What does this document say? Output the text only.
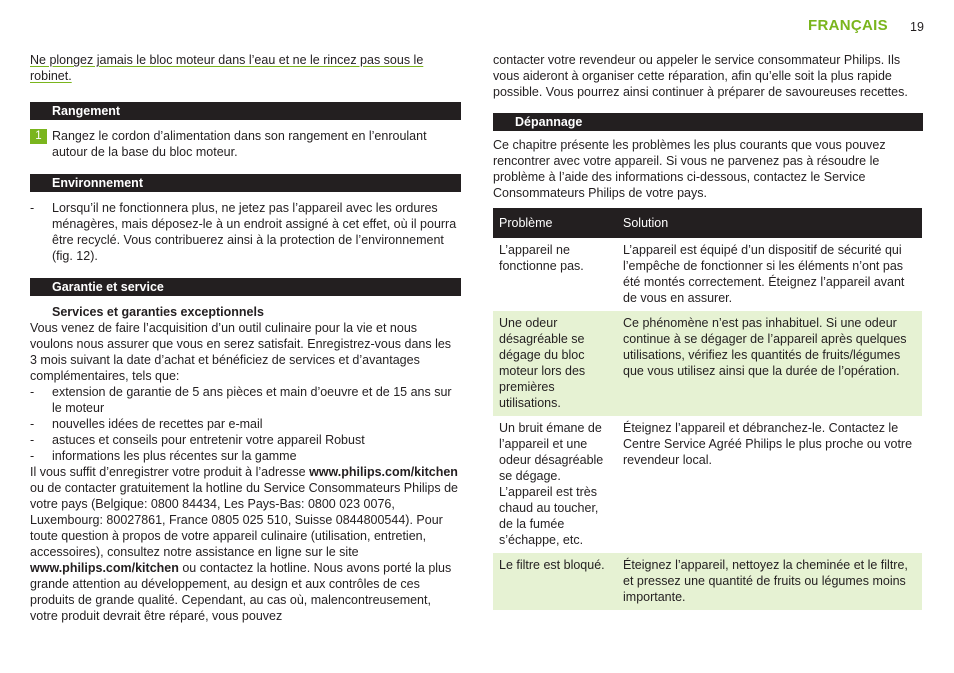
FRANÇAIS 19

Ne plongez jamais le bloc moteur dans l’eau et ne le rincez pas sous le robinet.

Rangement
1 Rangez le cordon d’alimentation dans son rangement en l’enroulant autour de la base du bloc moteur.
Environnement
- Lorsqu’il ne fonctionnera plus, ne jetez pas l’appareil avec les ordures ménagères, mais déposez-le à un endroit assigné à cet effet, où il pourra être recyclé. Vous contribuerez ainsi à la protection de l’environnement (fig. 12).
Garantie et service
Services et garanties exceptionnels

Vous venez de faire l’acquisition d’un outil culinaire pour la vie et nous voulons nous assurer que vous en serez satisfait. Enregistrez-vous dans les 3 mois suivant la date d’achat et bénéficiez de services et d’avantages complémentaires, tels que:

- extension de garantie de 5 ans pièces et main d’oeuvre et de 15 ans sur le moteur
- nouvelles idées de recettes par e-mail
- astuces et conseils pour entretenir votre appareil Robust
- informations les plus récentes sur la gamme

Il vous suffit d’enregistrer votre produit à l’adresse www.philips.com/kitchen ou de contacter gratuitement la hotline du Service Consommateurs Philips de votre pays (Belgique: 0800 84434, Les Pays-Bas: 0800 023 0076, Luxembourg: 80027861, France 0805 025 510, Suisse 0844800544). Pour toute question à propos de votre appareil culinaire (utilisation, entretien, accessoires), consultez notre assistance en ligne sur le site www.philips.com/kitchen ou contactez la hotline. Nous avons porté la plus grande attention au développement, au design et aux contrôles de ces produits de grande qualité. Cependant, au cas où, malencontreusement, votre produit devrait être réparé, vous pouvez

contacter votre revendeur ou appeler le service consommateur Philips. Ils vous aideront à organiser cette réparation, afin qu’elle soit la plus rapide possible. Vous pourrez ainsi continuer à préparer de savoureuses recettes.

Dépannage

Ce chapitre présente les problèmes les plus courants que vous pouvez rencontrer avec votre appareil. Si vous ne parvenez pas à résoudre le problème à l’aide des informations ci-dessous, contactez le Service Consommateurs Philips de votre pays.

Problème	Solution
L’appareil ne fonctionne pas.	L’appareil est équipé d’un dispositif de sécurité qui l’empêche de fonctionner si les éléments n’ont pas été montés correctement. Éteignez l’appareil avant de vous en assurer.
Une odeur désagréable se dégage du bloc moteur lors des premières utilisations.	Ce phénomène n’est pas inhabituel. Si une odeur continue à se dégager de l’appareil après quelques utilisations, vérifiez les quantités de fruits/légumes que vous utilisez ainsi que la durée de l’opération.
Un bruit émane de l’appareil et une odeur désagréable se dégage. L’appareil est très chaud au toucher, de la fumée s’échappe, etc.	Éteignez l’appareil et débranchez-le. Contactez le Centre Service Agréé Philips le plus proche ou votre revendeur local.
Le filtre est bloqué.	Éteignez l’appareil, nettoyez la cheminée et le filtre, et pressez une quantité de fruits ou légumes moins importante.
